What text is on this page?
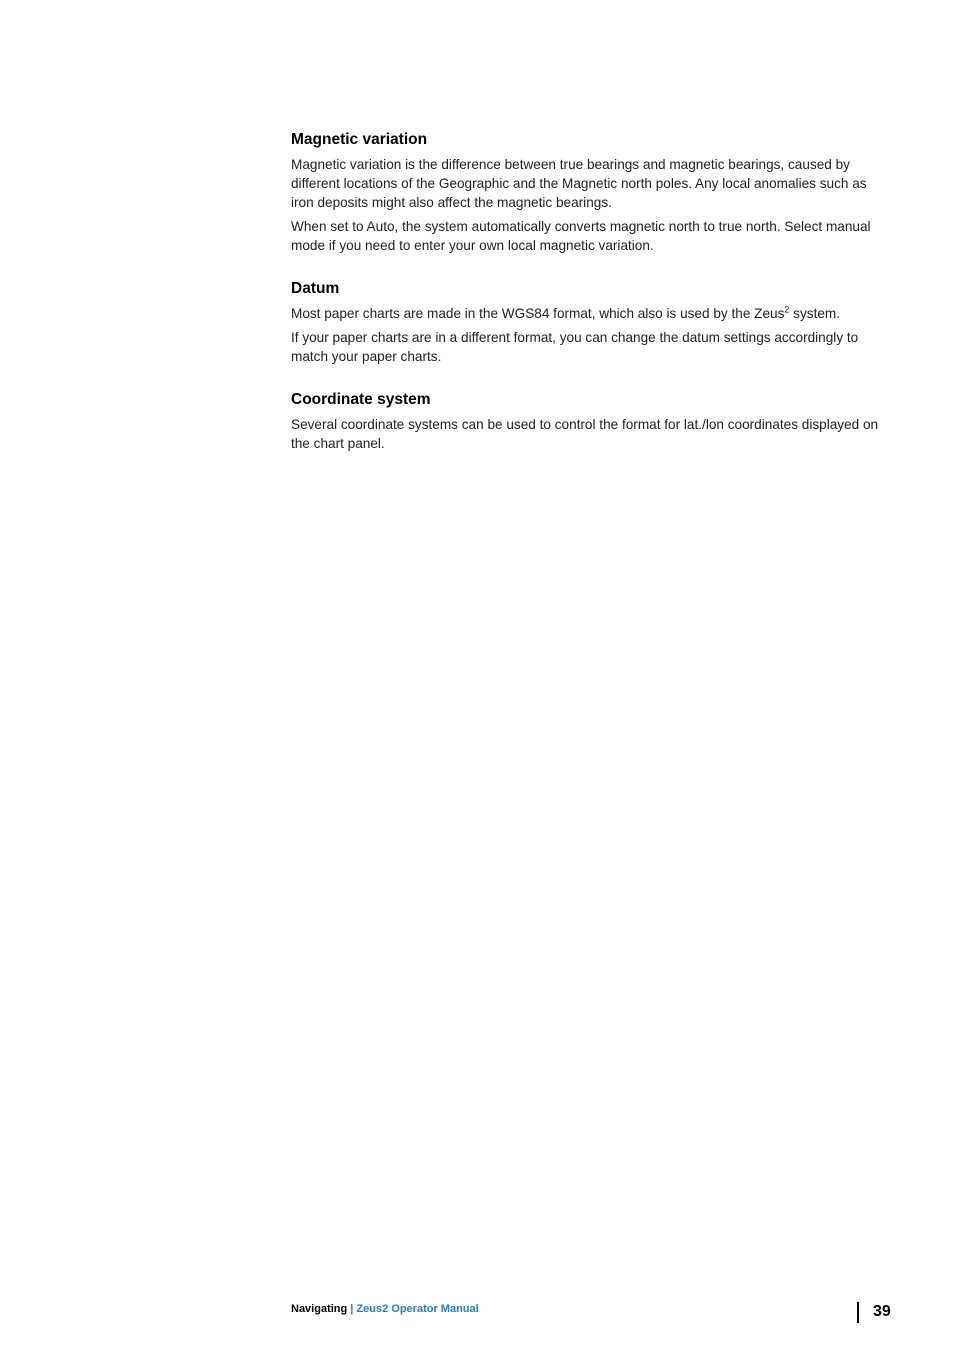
Magnetic variation

Magnetic variation is the difference between true bearings and magnetic bearings, caused by different locations of the Geographic and the Magnetic north poles. Any local anomalies such as iron deposits might also affect the magnetic bearings.

When set to Auto, the system automatically converts magnetic north to true north. Select manual mode if you need to enter your own local magnetic variation.

Datum

Most paper charts are made in the WGS84 format, which also is used by the Zeus$^2$ system.

If your paper charts are in a different format, you can change the datum settings accordingly to match your paper charts.

Coordinate system

Several coordinate systems can be used to control the format for lat./lon coordinates displayed on the chart panel.

Navigating | Zeus2 Operator Manual	39
